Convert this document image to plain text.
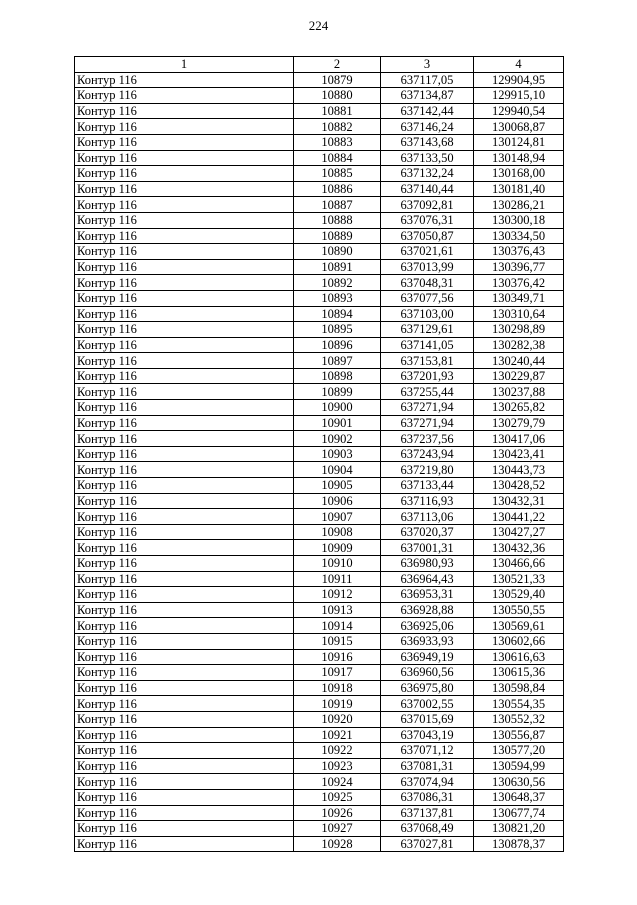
224
1	2	3	4
Контур 116	10879	637117,05	129904,95
Контур 116	10880	637134,87	129915,10
Контур 116	10881	637142,44	129940,54
Контур 116	10882	637146,24	130068,87
Контур 116	10883	637143,68	130124,81
Контур 116	10884	637133,50	130148,94
Контур 116	10885	637132,24	130168,00
Контур 116	10886	637140,44	130181,40
Контур 116	10887	637092,81	130286,21
Контур 116	10888	637076,31	130300,18
Контур 116	10889	637050,87	130334,50
Контур 116	10890	637021,61	130376,43
Контур 116	10891	637013,99	130396,77
Контур 116	10892	637048,31	130376,42
Контур 116	10893	637077,56	130349,71
Контур 116	10894	637103,00	130310,64
Контур 116	10895	637129,61	130298,89
Контур 116	10896	637141,05	130282,38
Контур 116	10897	637153,81	130240,44
Контур 116	10898	637201,93	130229,87
Контур 116	10899	637255,44	130237,88
Контур 116	10900	637271,94	130265,82
Контур 116	10901	637271,94	130279,79
Контур 116	10902	637237,56	130417,06
Контур 116	10903	637243,94	130423,41
Контур 116	10904	637219,80	130443,73
Контур 116	10905	637133,44	130428,52
Контур 116	10906	637116,93	130432,31
Контур 116	10907	637113,06	130441,22
Контур 116	10908	637020,37	130427,27
Контур 116	10909	637001,31	130432,36
Контур 116	10910	636980,93	130466,66
Контур 116	10911	636964,43	130521,33
Контур 116	10912	636953,31	130529,40
Контур 116	10913	636928,88	130550,55
Контур 116	10914	636925,06	130569,61
Контур 116	10915	636933,93	130602,66
Контур 116	10916	636949,19	130616,63
Контур 116	10917	636960,56	130615,36
Контур 116	10918	636975,80	130598,84
Контур 116	10919	637002,55	130554,35
Контур 116	10920	637015,69	130552,32
Контур 116	10921	637043,19	130556,87
Контур 116	10922	637071,12	130577,20
Контур 116	10923	637081,31	130594,99
Контур 116	10924	637074,94	130630,56
Контур 116	10925	637086,31	130648,37
Контур 116	10926	637137,81	130677,74
Контур 116	10927	637068,49	130821,20
Контур 116	10928	637027,81	130878,37
